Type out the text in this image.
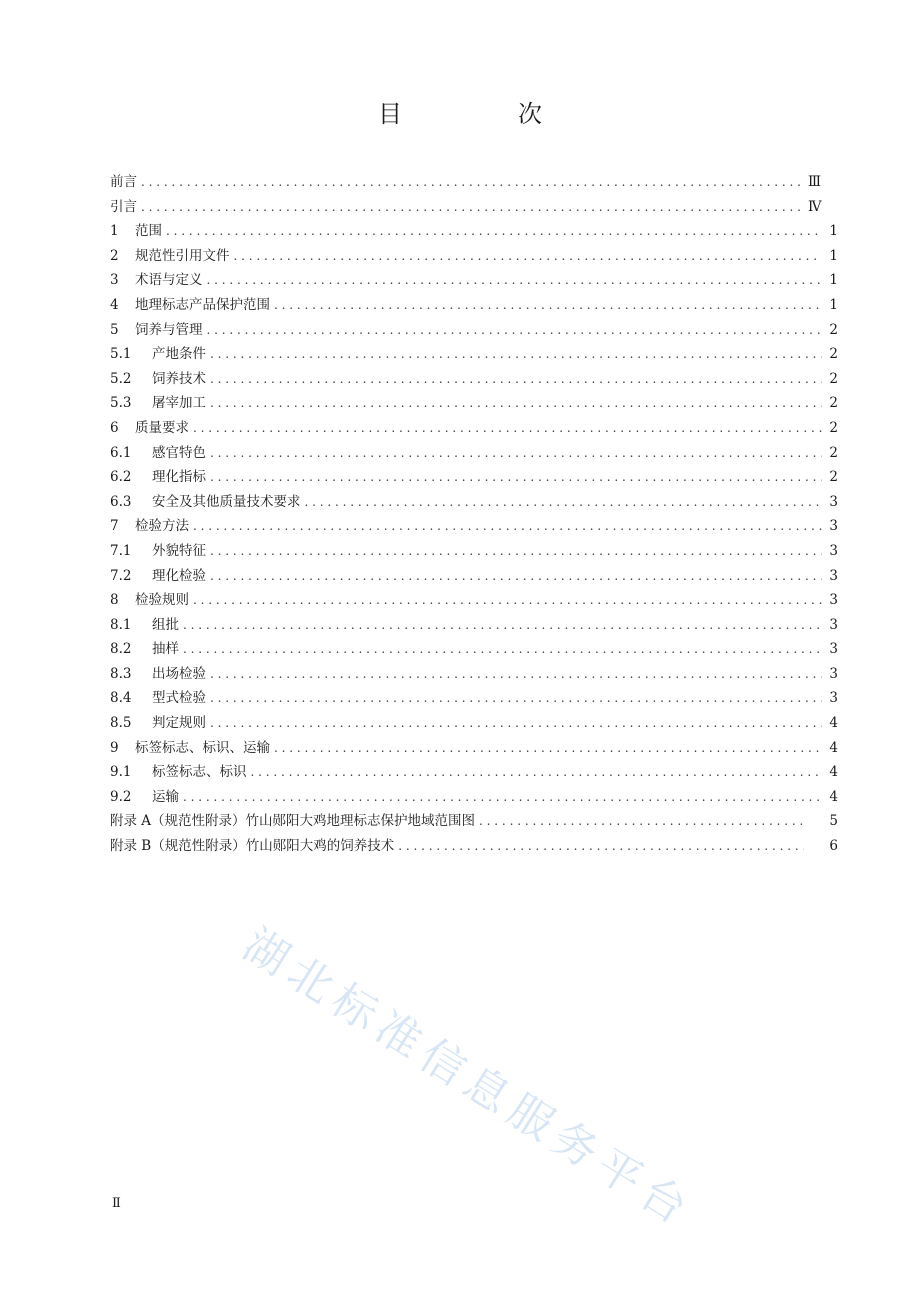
目　次
前言 . . .	Ⅲ
引言 . . .	Ⅳ
1	范围 . . .	1
2	规范性引用文件 . . .	1
3	术语与定义 . . .	1
4	地理标志产品保护范围 . . .	1
5	饲养与管理 . . .	2
5.1	产地条件 . . .	2
5.2	饲养技术 . . .	2
5.3	屠宰加工 . . .	2
6	质量要求 . . .	2
6.1	感官特色 . . .	2
6.2	理化指标 . . .	2
6.3	安全及其他质量技术要求 . . .	3
7	检验方法 . . .	3
7.1	外貌特征 . . .	3
7.2	理化检验 . . .	3
8	检验规则 . . .	3
8.1	组批 . . .	3
8.2	抽样 . . .	3
8.3	出场检验 . . .	3
8.4	型式检验 . . .	3
8.5	判定规则 . . .	4
9	标签标志、标识、运输 . . .	4
9.1	标签标志、标识 . . .	4
9.2	运输 . . .	4
附录 A（规范性附录）竹山郧阳大鸡地理标志保护地域范围图 . . .	5
附录 B（规范性附录）竹山郧阳大鸡的饲养技术 . . .	6
湖北标准信息服务平台
Ⅱ
